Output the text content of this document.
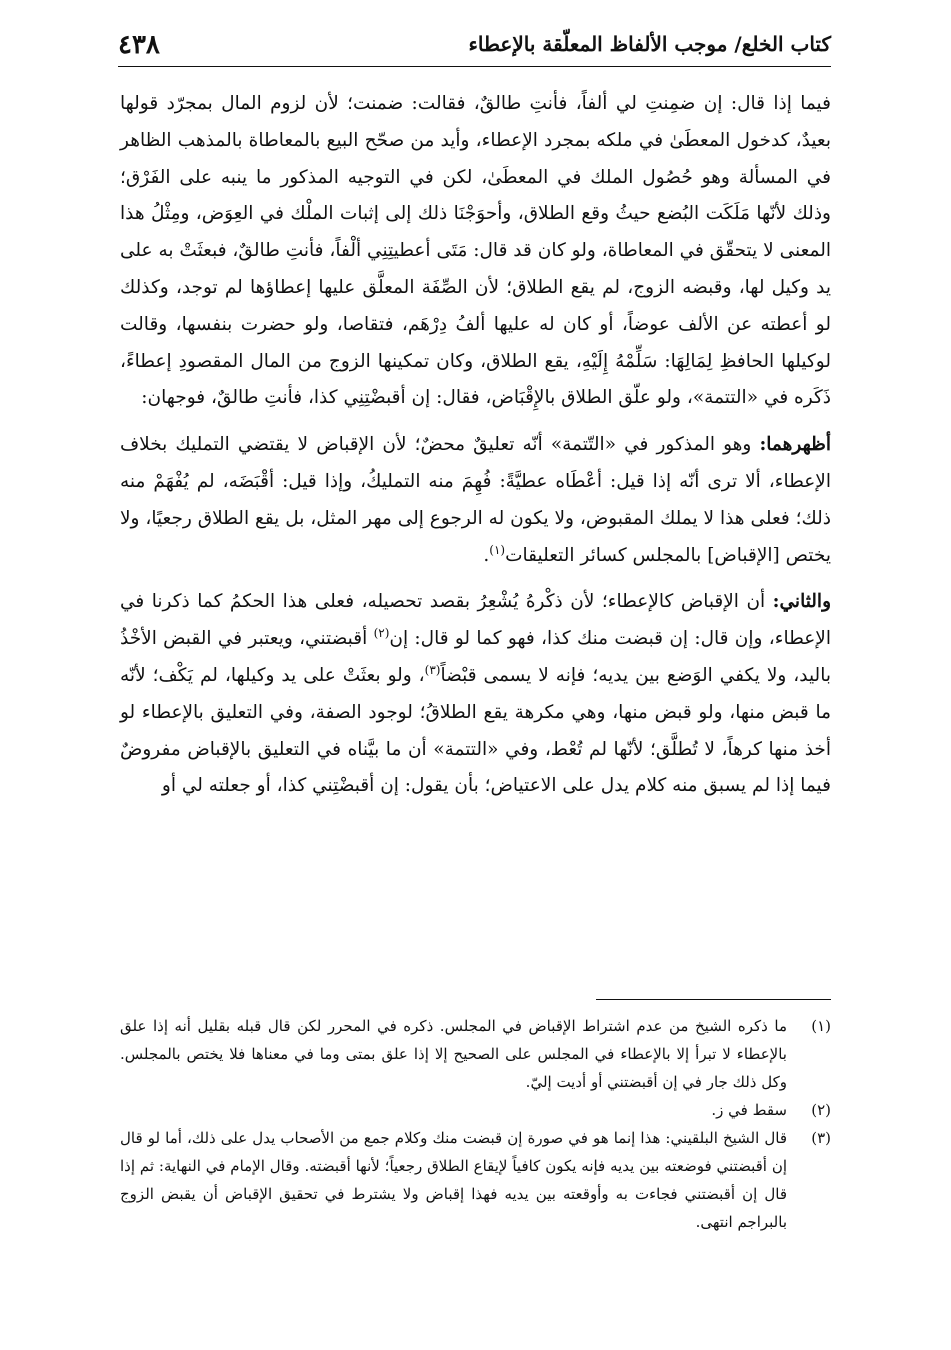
كتاب الخلع/ موجب الألفاظ المعلّقة بالإعطاء
٤٣٨

فيما إذا قال: إن ضمِنتِ لي ألفاً، فأنتِ طالقٌ، فقالت: ضمنت؛ لأن لزوم المال بمجرّد قولها بعيدٌ، كدخول المعطَىٰ في ملكه بمجرد الإعطاء، وأيد من صحّح البيع بالمعاطاة بالمذهب الظاهر في المسألة وهو حُصُول الملك في المعطَىٰ، لكن في التوجيه المذكور ما ينبه على الفَرْق؛ وذلك لأنّها مَلَكَت البُضع حيثُ وقع الطلاق، وأحوَجْنَا ذلك إلى إثبات الملْك في العِوَض، ومِثْلُ هذا المعنى لا يتحقّق في المعاطاة، ولو كان قد قال: مَتَى أعطيتِنِي ألْفاً، فأنتِ طالقٌ، فبعثَتْ به على يد وكيل لها، وقبضه الزوج، لم يقع الطلاق؛ لأن الصِّفَة المعلَّق عليها إعطاؤها لم توجد، وكذلك لو أعطته عن الألف عوضاً، أو كان له عليها ألفُ دِرْهَم، فتقاصا، ولو حضرت بنفسها، وقالت لوكيلها الحافظِ لِمَالِهَا: سَلِّمْهُ إِلَيْهِ، يقع الطلاق، وكان تمكينها الزوج من المال المقصودِ إعطاءً، ذَكَره في «التتمة»، ولو علّق الطلاق بالإِقْبَاض، فقال: إن أقبضْتِنِي كذا، فأنتِ طالقٌ، فوجهان:

أظهرهما: وهو المذكور في «التّتمة» أنّه تعليقٌ محضٌ؛ لأن الإقباض لا يقتضي التمليك بخلاف الإعطاء، ألا ترى أنّه إذا قيل: أعْطَاه عطيَّةً: فُهِمَ منه التمليكُ، وإذا قيل: أقْبَضَه، لم يُفْهَمْ منه ذلك؛ فعلى هذا لا يملك المقبوض، ولا يكون له الرجوع إلى مهر المثل، بل يقع الطلاق رجعيًا، ولا يختص [الإقباض] بالمجلس كسائر التعليقات$^{(١)}$.

والثاني: أن الإقباض كالإعطاء؛ لأن ذكْرهُ يُشْعِرُ بقصد تحصيله، فعلى هذا الحكمُ كما ذكرنا في الإعطاء، وإن قال: إن قبضت منك كذا، فهو كما لو قال: إن$^{(٢)}$ أقبضتني، ويعتبر في القبض الأخْذُ باليد، ولا يكفي الوَضع بين يديه؛ فإنه لا يسمى قبْضاً$^{(٣)}$، ولو بعثَتْ على يد وكيلها، لم يَكْف؛ لأنّه ما قبض منها، ولو قبض منها، وهي مكرهة يقع الطلاقُ؛ لوجود الصفة، وفي التعليق بالإعطاء لو أخذ منها كرهاً، لا تُطلَّق؛ لأنّها لم تُعْط، وفي «التتمة» أن ما بيَّناه في التعليق بالإقباض مفروضٌ فيما إذا لم يسبق منه كلام يدل على الاعتياض؛ بأن يقول: إن أقبضْتِني كذا، أو جعلته لي أو

(١)

ما ذكره الشيخ من عدم اشتراط الإقباض في المجلس. ذكره في المحرر لكن قال قبله بقليل أنه إذا علق بالإعطاء لا تبرأ إلا بالإعطاء في المجلس على الصحيح إلا إذا علق بمتى وما في معناها فلا يختص بالمجلس. وكل ذلك جار في إن أقبضتني أو أديت إليّ.

(٢)

سقط في ز.

(٣)

قال الشيخ البلقيني: هذا إنما هو في صورة إن قبضت منك وكلام جمع من الأصحاب يدل على ذلك، أما لو قال إن أقبضتني فوضعته بين يديه فإنه يكون كافياً لإيقاع الطلاق رجعياً؛ لأنها أقبضته. وقال الإمام في النهاية: ثم إذا قال إن أقبضتني فجاءت به وأوقعته بين يديه فهذا إقباض ولا يشترط في تحقيق الإقباض أن يقبض الزوج بالبراجم انتهى.
